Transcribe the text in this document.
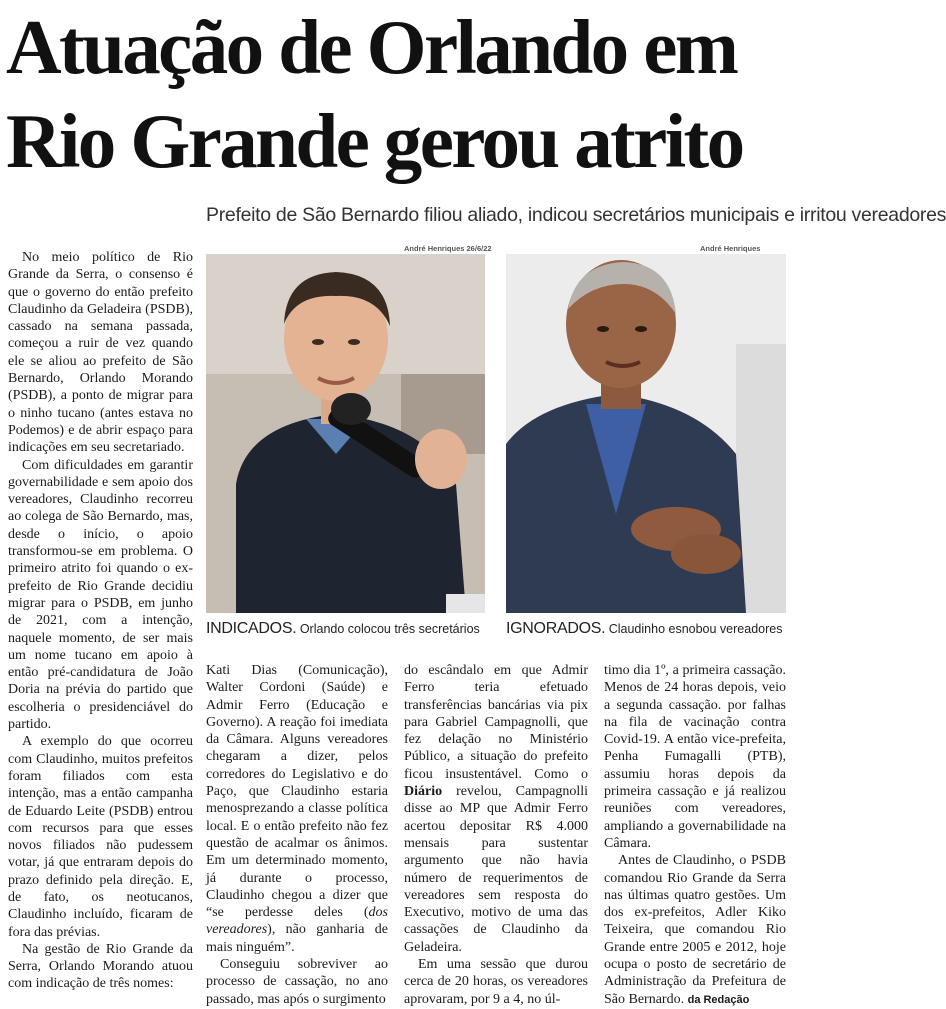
Atuação de Orlando em
Rio Grande gerou atrito
Prefeito de São Bernardo filiou aliado, indicou secretários municipais e irritou vereadores

No meio político de Rio Grande da Serra, o consenso é que o governo do então prefeito Claudinho da Geladeira (PSDB), cassado na semana passada, começou a ruir de vez quando ele se aliou ao prefeito de São Bernardo, Orlando Morando (PSDB), a ponto de migrar para o ninho tucano (antes estava no Podemos) e de abrir espaço para indicações em seu secretariado.

Com dificuldades em garantir governabilidade e sem apoio dos vereadores, Claudinho recorreu ao colega de São Bernardo, mas, desde o início, o apoio transformou-se em problema. O primeiro atrito foi quando o ex-prefeito de Rio Grande decidiu migrar para o PSDB, em junho de 2021, com a intenção, naquele momento, de ser mais um nome tucano em apoio à então pré-candidatura de João Doria na prévia do partido que escolheria o presidenciável do partido.

A exemplo do que ocorreu com Claudinho, muitos prefeitos foram filiados com esta intenção, mas a então campanha de Eduardo Leite (PSDB) entrou com recursos para que esses novos filiados não pudessem votar, já que entraram depois do prazo definido pela direção. E, de fato, os neotucanos, Claudinho incluído, ficaram de fora das prévias.

Na gestão de Rio Grande da Serra, Orlando Morando atuou com indicação de três nomes:

André Henriques 26/6/22
INDICADOS. Orlando colocou três secretários
André Henriques
IGNORADOS. Claudinho esnobou vereadores

Kati Dias (Comunicação), Walter Cordoni (Saúde) e Admir Ferro (Educação e Governo). A reação foi imediata da Câmara. Alguns vereadores chegaram a dizer, pelos corredores do Legislativo e do Paço, que Claudinho estaria menosprezando a classe política local. E o então prefeito não fez questão de acalmar os ânimos. Em um determinado momento, já durante o processo, Claudinho chegou a dizer que “se perdesse deles (dos vereadores), não ganharia de mais ninguém”.

Conseguiu sobreviver ao processo de cassação, no ano passado, mas após o surgimento

do escândalo em que Admir Ferro teria efetuado transferências bancárias via pix para Gabriel Campagnolli, que fez delação no Ministério Público, a situação do prefeito ficou insustentável. Como o Diário revelou, Campagnolli disse ao MP que Admir Ferro acertou depositar R$ 4.000 mensais para sustentar argumento que não havia número de requerimentos de vereadores sem resposta do Executivo, motivo de uma das cassações de Claudinho da Geladeira.

Em uma sessão que durou cerca de 20 horas, os vereadores aprovaram, por 9 a 4, no úl-

timo dia 1º, a primeira cassação. Menos de 24 horas depois, veio a segunda cassação. por falhas na fila de vacinação contra Covid-19. A então vice-prefeita, Penha Fumagalli (PTB), assumiu horas depois da primeira cassação e já realizou reuniões com vereadores, ampliando a governabilidade na Câmara.

Antes de Claudinho, o PSDB comandou Rio Grande da Serra nas últimas quatro gestões. Um dos ex-prefeitos, Adler Kiko Teixeira, que comandou Rio Grande entre 2005 e 2012, hoje ocupa o posto de secretário de Administração da Prefeitura de São Bernardo. da Redação
